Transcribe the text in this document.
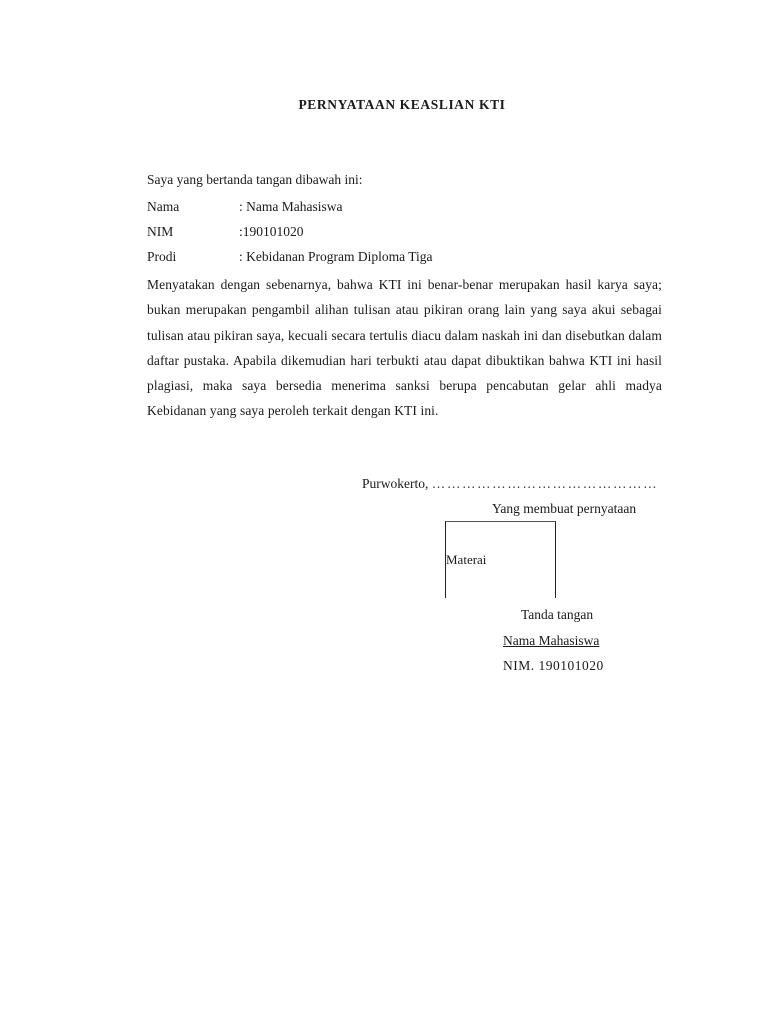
PERNYATAAN KEASLIAN KTI
Saya yang bertanda tangan dibawah ini:
Nama	: Nama Mahasiswa
NIM	:190101020
Prodi	: Kebidanan Program Diploma Tiga

Menyatakan dengan sebenarnya, bahwa KTI ini benar-benar merupakan hasil karya saya; bukan merupakan pengambil alihan tulisan atau pikiran orang lain yang saya akui sebagai tulisan atau pikiran saya, kecuali secara tertulis diacu dalam naskah ini dan disebutkan dalam daftar pustaka. Apabila dikemudian hari terbukti atau dapat dibuktikan bahwa KTI ini hasil plagiasi, maka saya bersedia menerima sanksi berupa pencabutan gelar ahli madya Kebidanan yang saya peroleh terkait dengan KTI ini.

Purwokerto, ………………………………………
Yang membuat pernyataan
Materai
Tanda tangan
Nama Mahasiswa
NIM. 190101020
